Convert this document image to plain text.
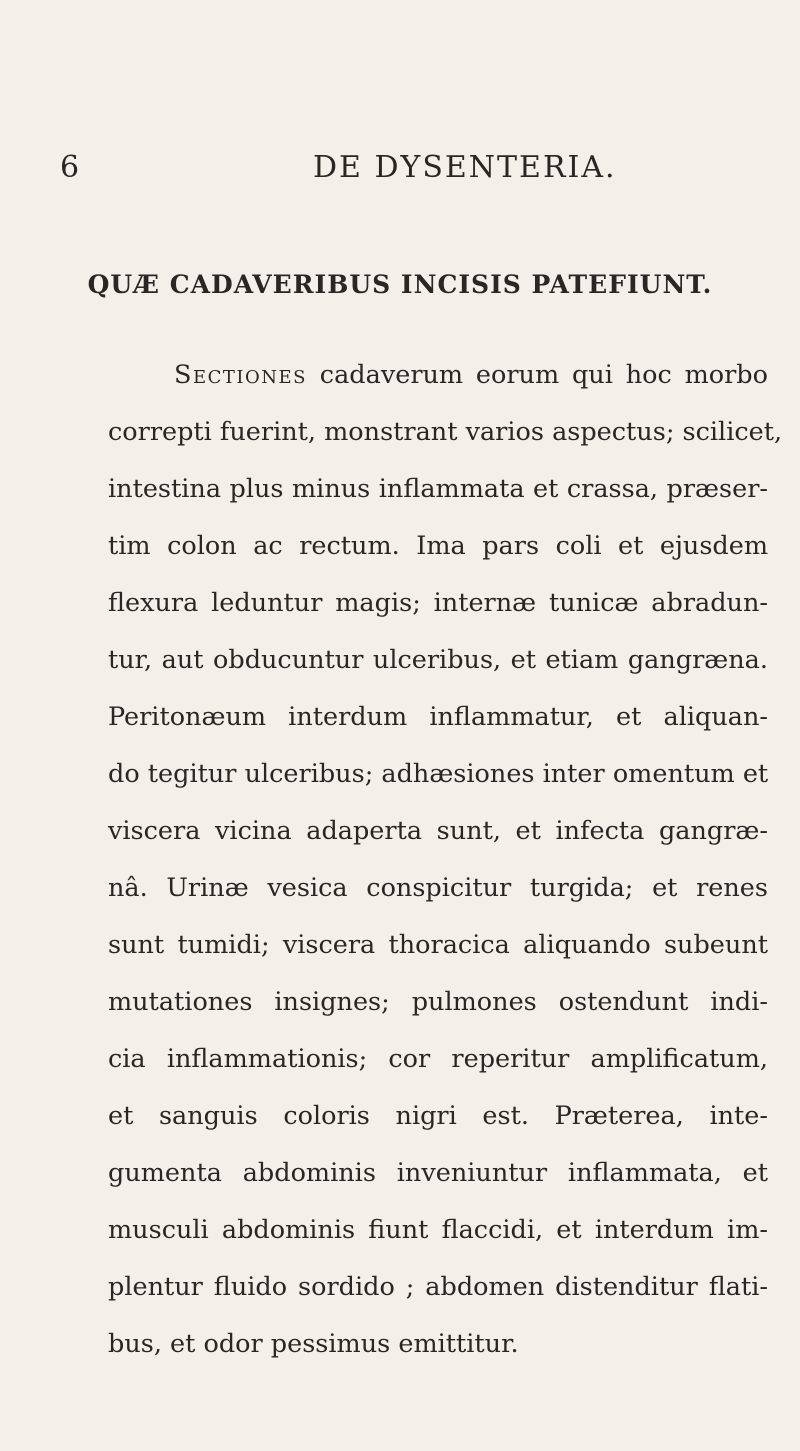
6	DE DYSENTERIA.
QUÆ CADAVERIBUS INCISIS PATEFIUNT.
Sectiones cadaverum eorum qui hoc morbo
correpti fuerint, monstrant varios aspectus; scilicet,
intestina plus minus inflammata et crassa, præser-
tim colon ac rectum. Ima pars coli et ejusdem
flexura leduntur magis; internæ tunicæ abradun-
tur, aut obducuntur ulceribus, et etiam gangræna.
Peritonæum interdum inflammatur, et aliquan-
do tegitur ulceribus; adhæsiones inter omentum et
viscera vicina adaperta sunt, et infecta gangræ-
nâ. Urinæ vesica conspicitur turgida; et renes
sunt tumidi; viscera thoracica aliquando subeunt
mutationes insignes; pulmones ostendunt indi-
cia inflammationis; cor reperitur amplificatum,
et sanguis coloris nigri est. Præterea, inte-
gumenta abdominis inveniuntur inflammata, et
musculi abdominis fiunt flaccidi, et interdum im-
plentur fluido sordido ; abdomen distenditur flati-
bus, et odor pessimus emittitur.
